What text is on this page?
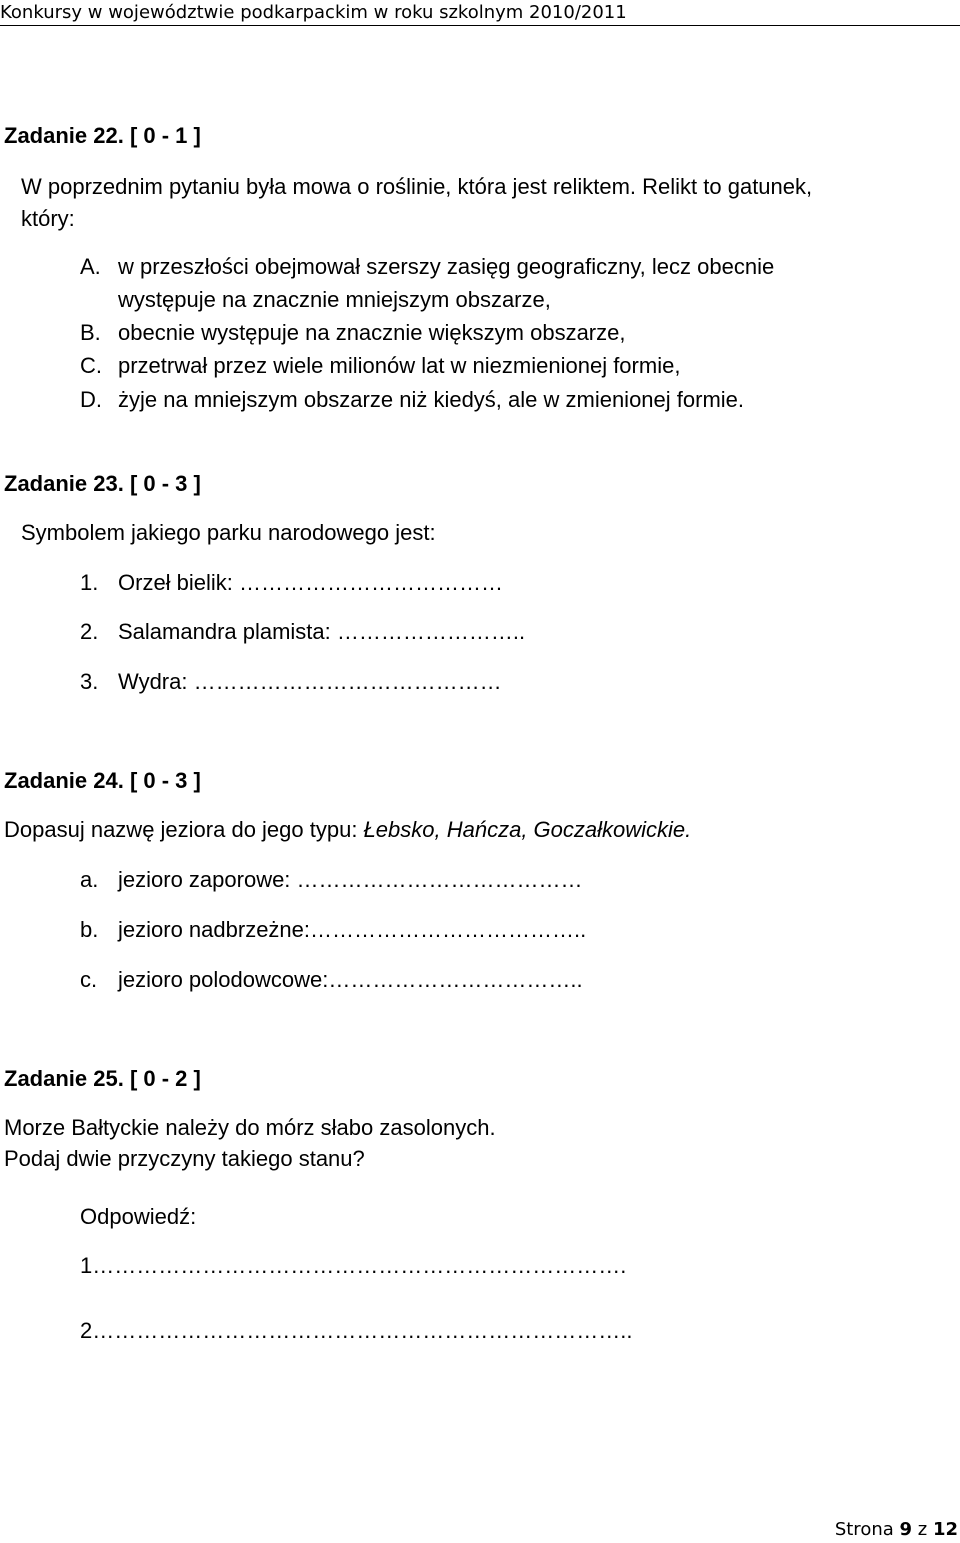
Konkursy w województwie podkarpackim w roku szkolnym 2010/2011
Zadanie 22. [ 0 - 1 ]
W poprzednim pytaniu była mowa o roślinie, która jest reliktem. Relikt to gatunek,
który:
A. w przeszłości obejmował szerszy zasięg geograficzny, lecz obecnie
występuje na znacznie mniejszym obszarze,
B. obecnie występuje na znacznie większym obszarze,
C. przetrwał przez wiele milionów lat w niezmienionej formie,
D. żyje na mniejszym obszarze niż kiedyś, ale w zmienionej formie.
Zadanie 23. [ 0 - 3 ]
Symbolem jakiego parku narodowego jest:
1. Orzeł bielik: ………………………………
2. Salamandra plamista: ……………………..
3. Wydra: ……………………………………
Zadanie 24. [ 0 - 3 ]
Dopasuj nazwę jeziora do jego typu: Łebsko, Hańcza, Goczałkowickie.
a. jezioro zaporowe: …………………………………
b. jezioro nadbrzeżne:………………………………..
c. jezioro polodowcowe:……………………………..
Zadanie 25. [ 0 - 2 ]
Morze Bałtyckie należy do mórz słabo zasolonych.
Podaj dwie przyczyny takiego stanu?
Odpowiedź:
1……………………………………………………………….
2………………………………………………………………..
Strona 9 z 12
